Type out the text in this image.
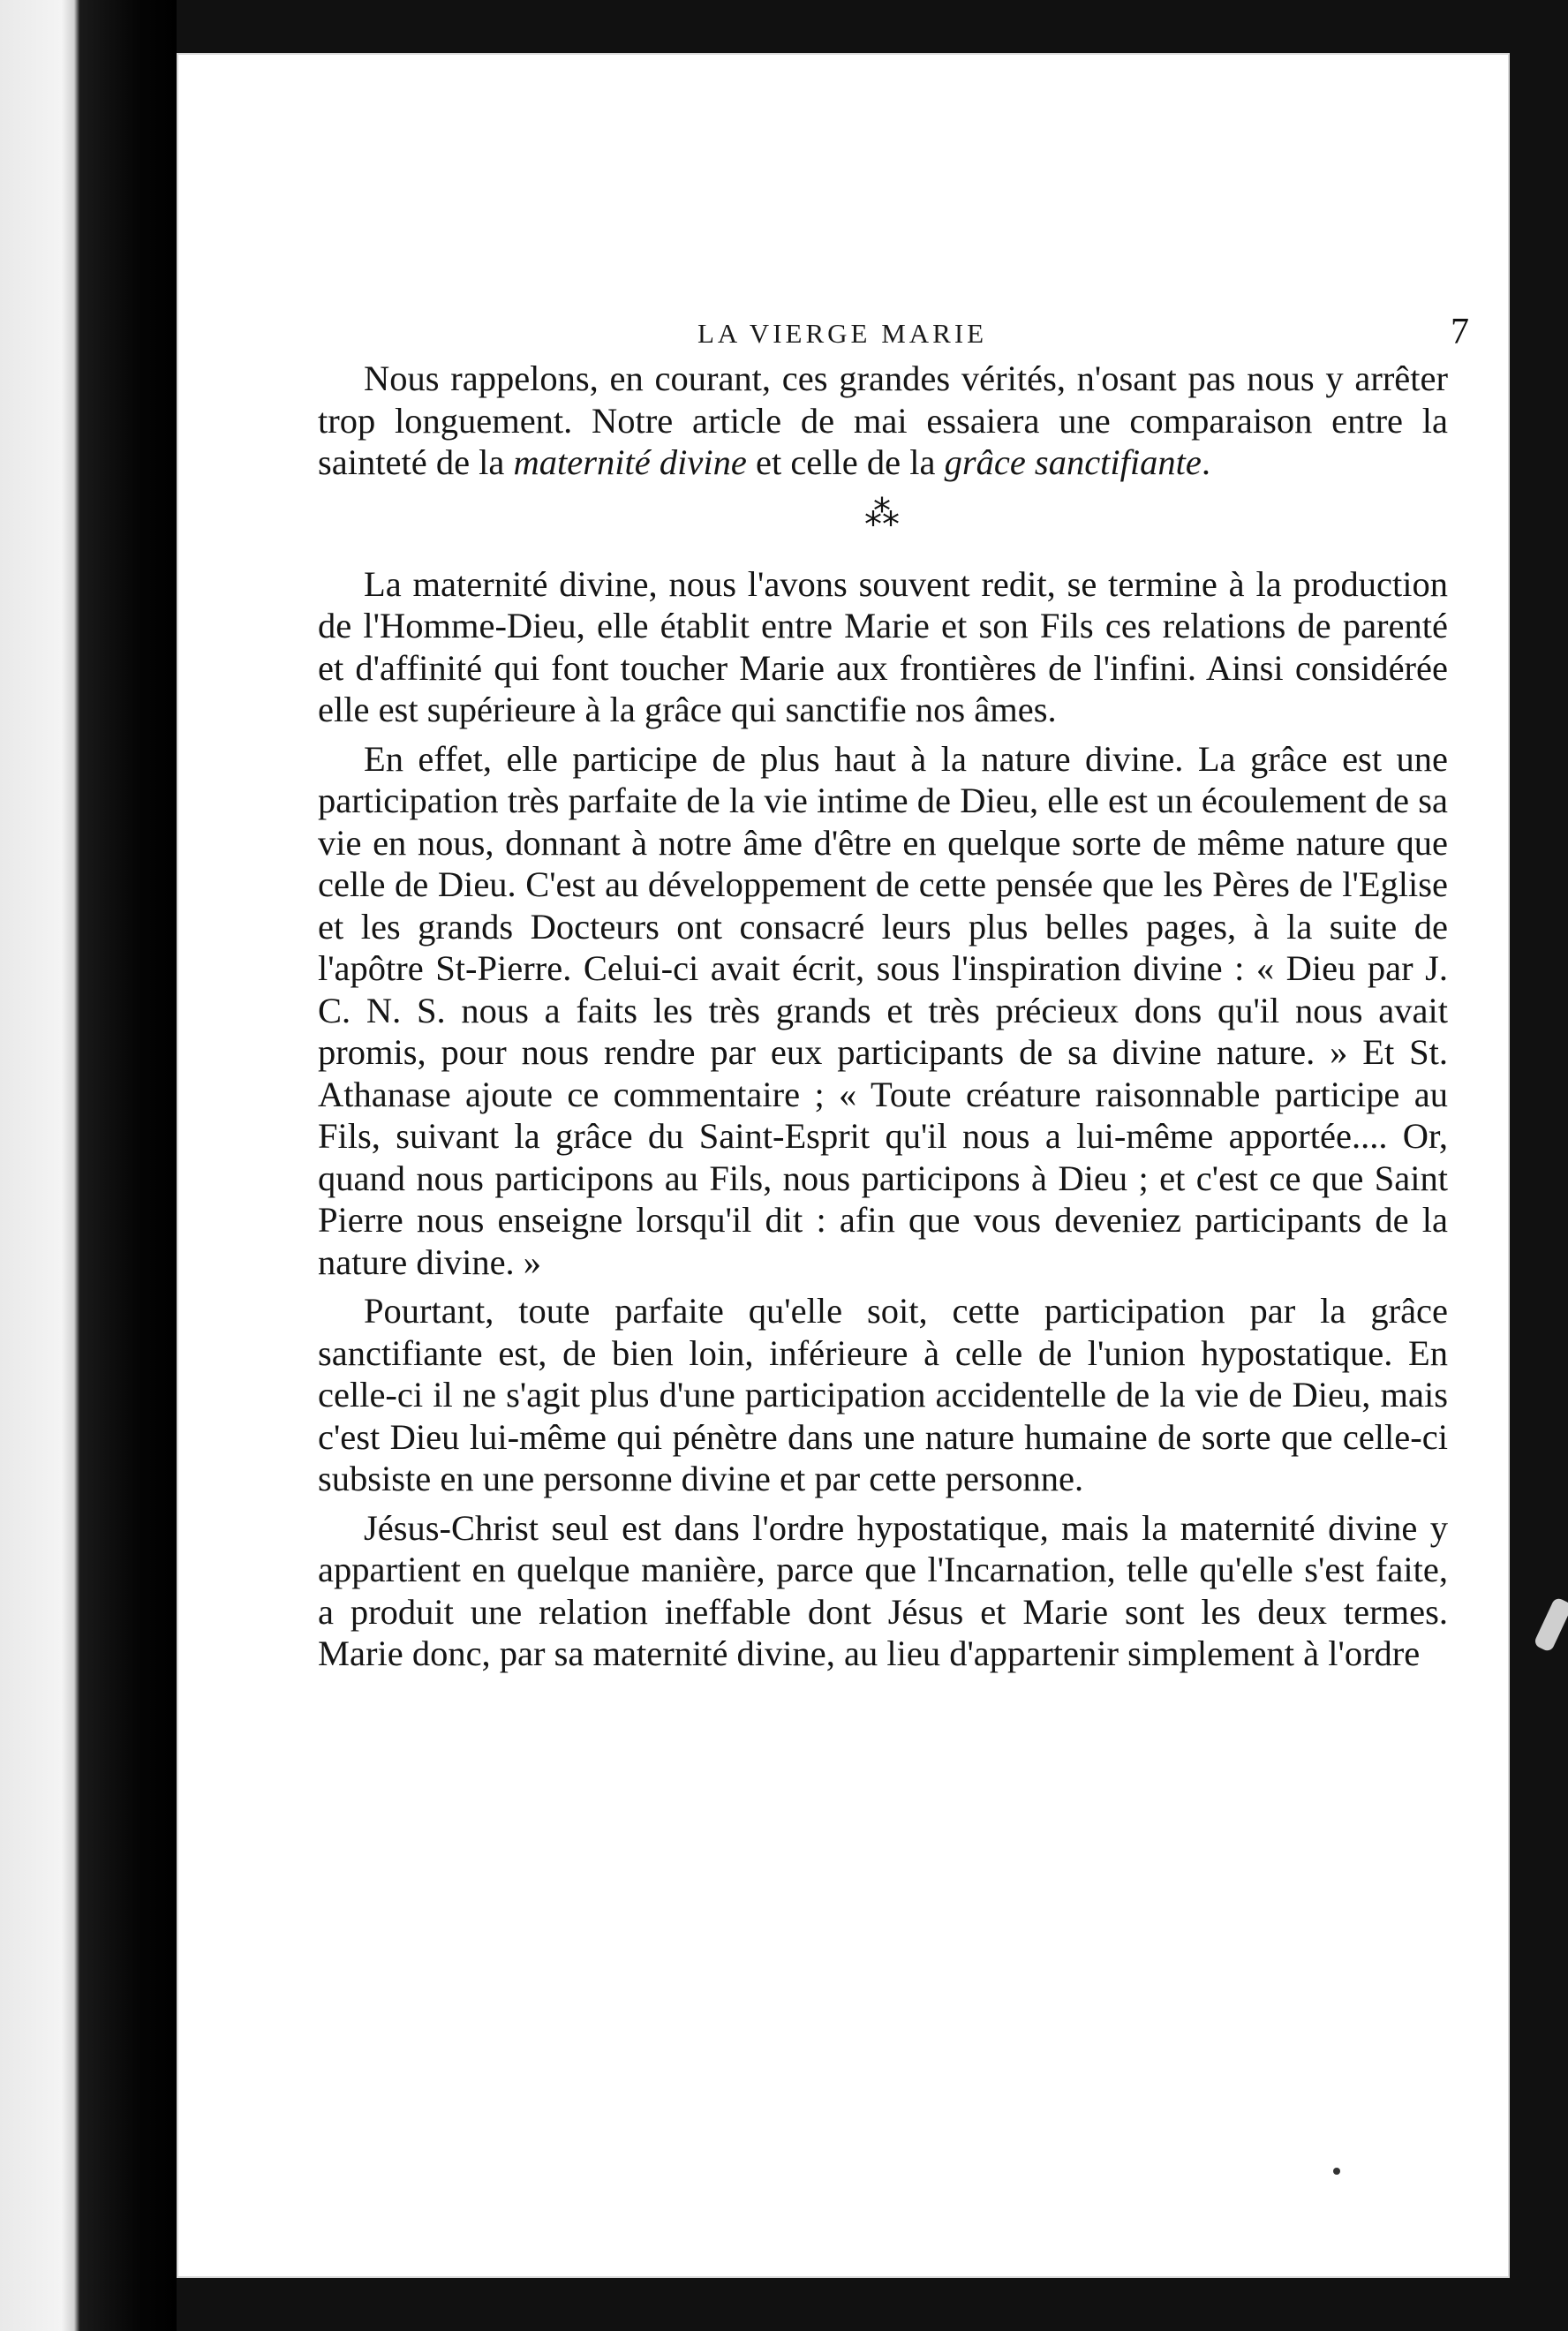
LA VIERGE MARIE	7

Nous rappelons, en courant, ces grandes vérités, n'osant pas nous y arrêter trop longuement. Notre article de mai essaiera une comparaison entre la sainteté de la maternité divine et celle de la grâce sanctifiante.

⁂

La maternité divine, nous l'avons souvent redit, se termine à la production de l'Homme-Dieu, elle établit entre Marie et son Fils ces relations de parenté et d'affinité qui font toucher Marie aux frontières de l'infini. Ainsi considérée elle est supérieure à la grâce qui sanctifie nos âmes.

En effet, elle participe de plus haut à la nature divine. La grâce est une participation très parfaite de la vie intime de Dieu, elle est un écoulement de sa vie en nous, donnant à notre âme d'être en quelque sorte de même nature que celle de Dieu. C'est au développement de cette pensée que les Pères de l'Eglise et les grands Docteurs ont consacré leurs plus belles pages, à la suite de l'apôtre St-Pierre. Celui-ci avait écrit, sous l'inspiration divine : « Dieu par J. C. N. S. nous a faits les très grands et très précieux dons qu'il nous avait promis, pour nous rendre par eux participants de sa divine nature. » Et St. Athanase ajoute ce commentaire ; « Toute créature raisonnable participe au Fils, suivant la grâce du Saint-Esprit qu'il nous a lui-même apportée.... Or, quand nous participons au Fils, nous participons à Dieu ; et c'est ce que Saint Pierre nous enseigne lorsqu'il dit : afin que vous deveniez participants de la nature divine. »

Pourtant, toute parfaite qu'elle soit, cette participation par la grâce sanctifiante est, de bien loin, inférieure à celle de l'union hypostatique. En celle-ci il ne s'agit plus d'une participation accidentelle de la vie de Dieu, mais c'est Dieu lui-même qui pénètre dans une nature humaine de sorte que celle-ci subsiste en une personne divine et par cette personne.

Jésus-Christ seul est dans l'ordre hypostatique, mais la maternité divine y appartient en quelque manière, parce que l'Incarnation, telle qu'elle s'est faite, a produit une relation ineffable dont Jésus et Marie sont les deux termes. Marie donc, par sa maternité divine, au lieu d'appartenir simplement à l'ordre
